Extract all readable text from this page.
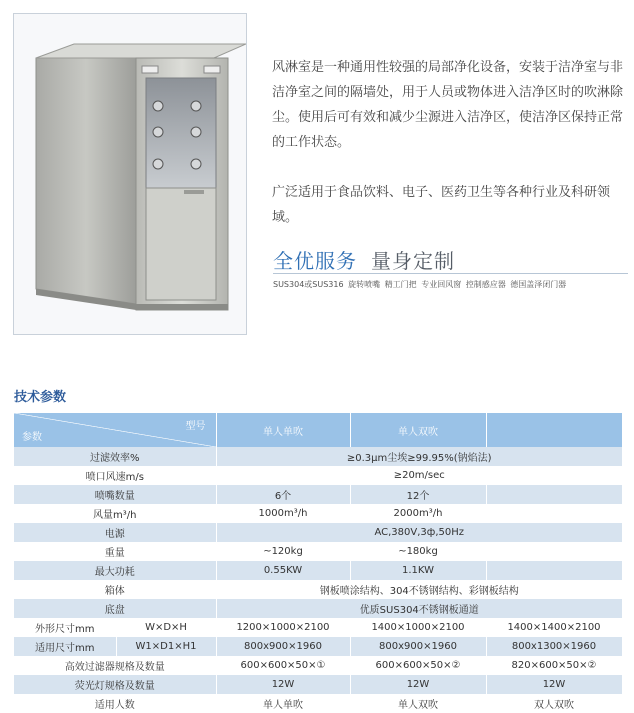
风淋室是一种通用性较强的局部净化设备，安装于洁净室与非洁净室之间的隔墙处，用于人员或物体进入洁净区时的吹淋除尘。使用后可有效和减少尘源进入洁净区，使洁净区保持正常的工作状态。

广泛适用于食品饮料、电子、医药卫生等各种行业及科研领域。

全优服务 量身定制
SUS304或SUS316 旋转喷嘴 精工门把 专业回风窗 控制感应器 德国盖泽闭门器
技术参数
型号
参数		单人单吹	单人双吹	
过滤效率%		≥0.3μm尘埃≥99.95%(钠焰法)		
喷口风速m/s		≥20m/sec		
喷嘴数量		6个	12个	
风量m³/h		1000m³/h	2000m³/h	
电源		AC,380V,3ф,50Hz		
重量		~120kg	~180kg	
最大功耗		0.55KW	1.1KW	
箱体		钢板喷涂结构、304不锈钢结构、彩钢板结构		
底盘		优质SUS304不锈钢板通道		
外形尺寸mm	W×D×H	1200×1000×2100	1400×1000×2100	1400×1400×2100
适用尺寸mm	W1×D1×H1	800x900×1960	800x900×1960	800x1300×1960
高效过滤器规格及数量		600×600×50×①	600×600×50×②	820×600×50×②
荧光灯规格及数量		12W	12W	12W
适用人数		单人单吹	单人双吹	双人双吹
